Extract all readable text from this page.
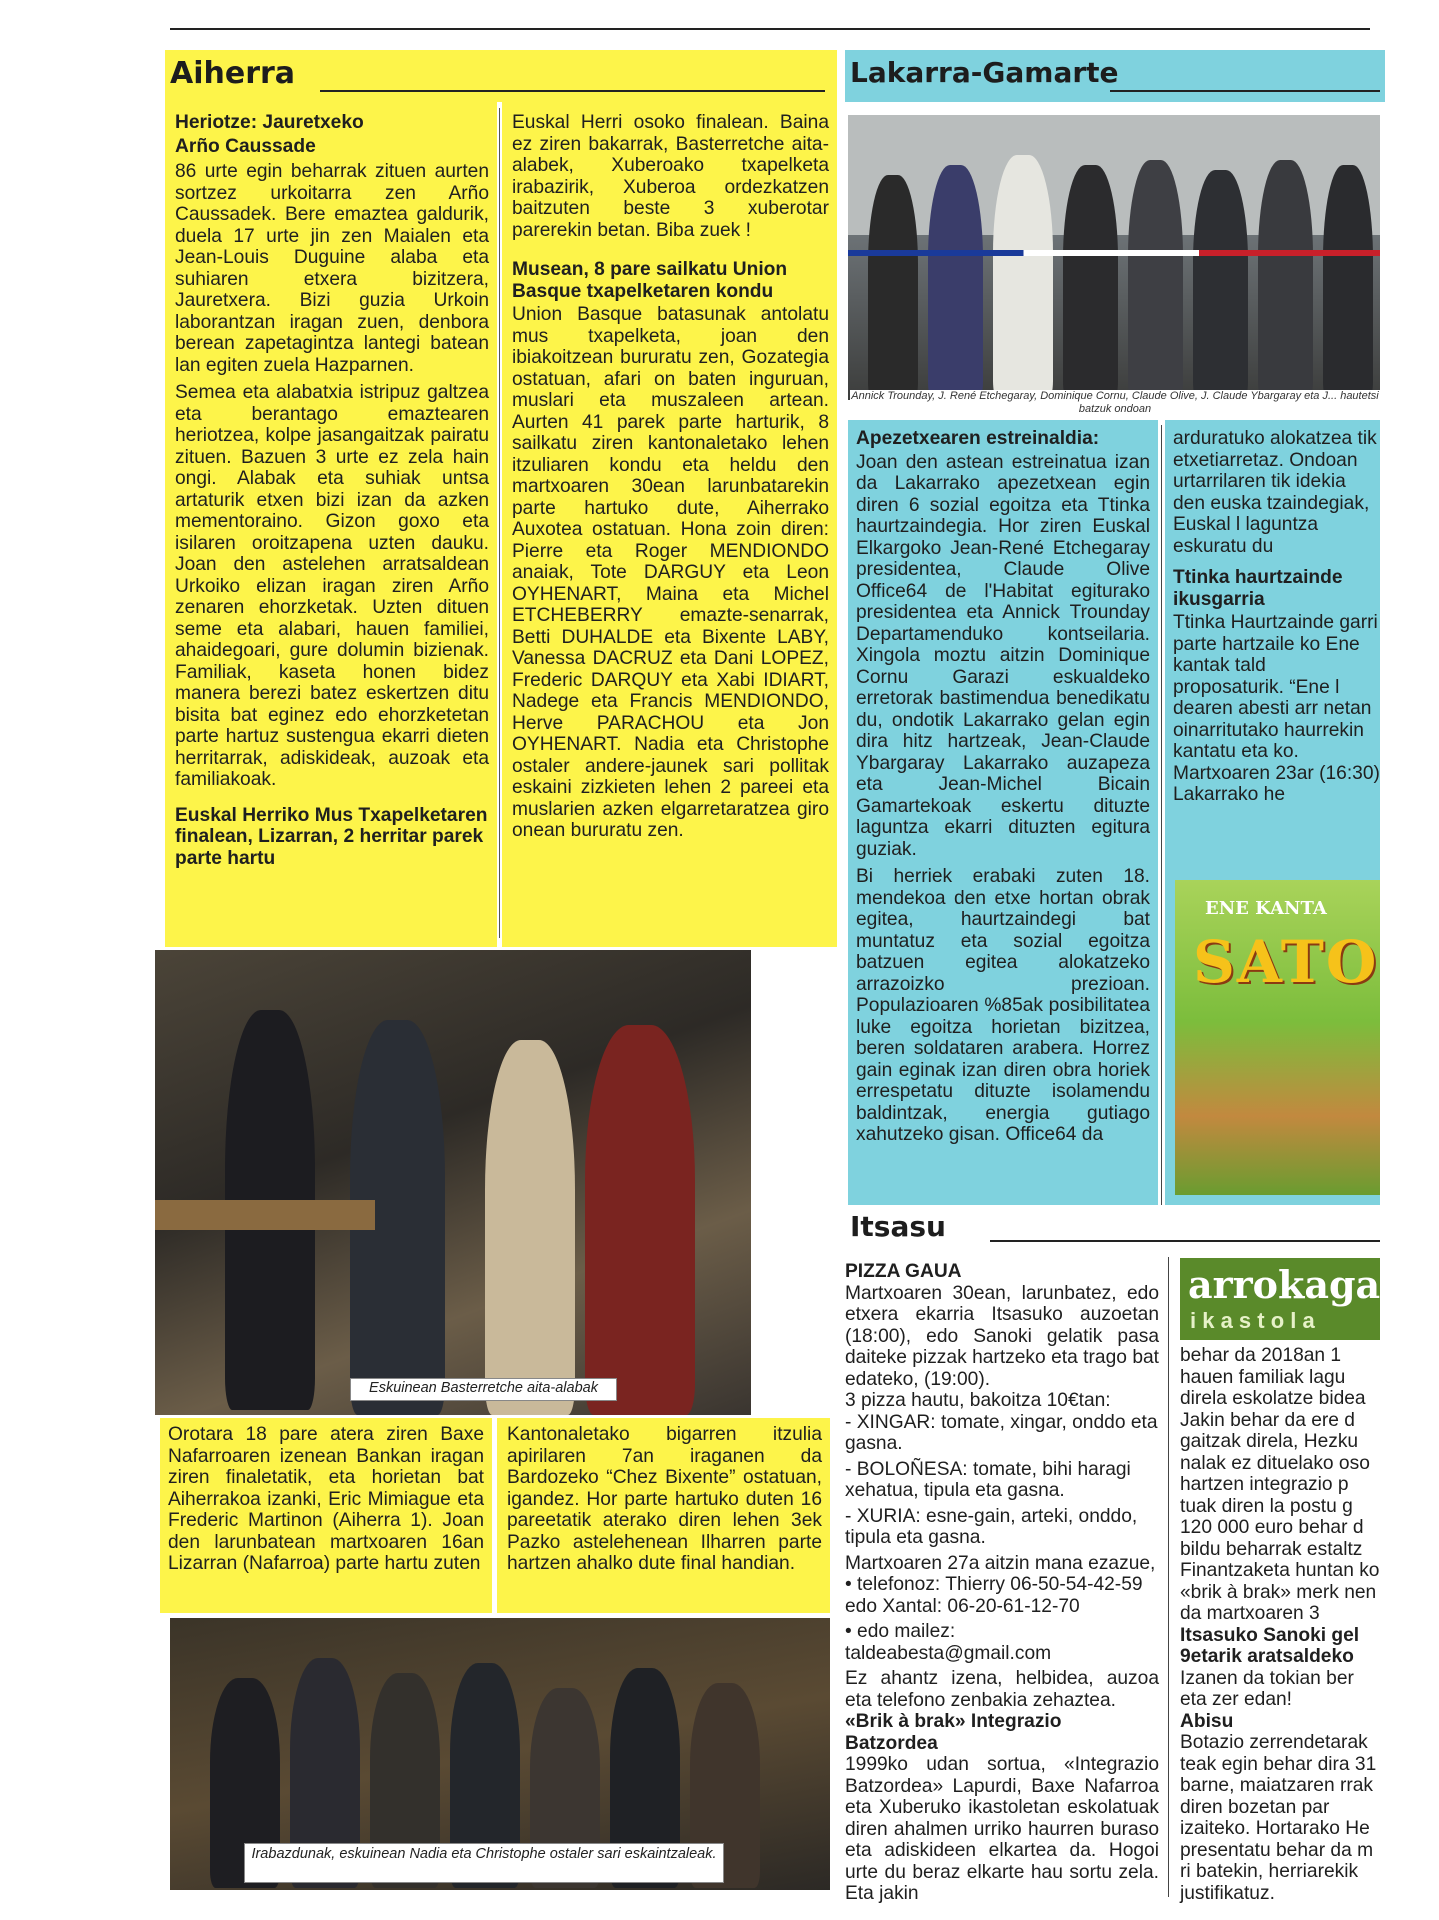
Aiherra
Heriotze: Jauretxeko
Arño Caussade

86 urte egin beharrak zituen aurten sortzez urkoitarra zen Arño Caussadek. Bere emaztea galdurik, duela 17 urte jin zen Maialen eta Jean-Louis Duguine alaba eta suhiaren etxera bizitzera, Jauretxera. Bizi guzia Urkoin laborantzan iragan zuen, denbora berean zapetagintza lantegi batean lan egiten zuela Hazparnen.

Semea eta alabatxia istripuz galtzea eta berantago emaztearen heriotzea, kolpe jasangaitzak pairatu zituen. Bazuen 3 urte ez zela hain ongi. Alabak eta suhiak untsa artaturik etxen bizi izan da azken mementoraino. Gizon goxo eta isilaren oroitzapena uzten dauku. Joan den astelehen arratsaldean Urkoiko elizan iragan ziren Arño zenaren ehorzketak. Uzten dituen seme eta alabari, hauen familiei, ahaidegoari, gure dolumin bizienak. Familiak, kaseta honen bidez manera berezi batez eskertzen ditu bisita bat eginez edo ehorzketetan parte hartuz sustengua ekarri dieten herritarrak, adiskideak, auzoak eta familiakoak.

Euskal Herriko Mus Txapelketaren finalean, Lizarran, 2 herritar parek parte hartu

Euskal Herri osoko finalean. Baina ez ziren bakarrak, Basterretche aita-alabek, Xuberoako txapelketa irabazirik, Xuberoa ordezkatzen baitzuten beste 3 xuberotar parerekin betan. Biba zuek !

Musean, 8 pare sailkatu Union Basque txapelketaren kondu

Union Basque batasunak antolatu mus txapelketa, joan den ibiakoitzean bururatu zen, Gozategia ostatuan, afari on baten inguruan, muslari eta muszaleen artean. Aurten 41 parek parte harturik, 8 sailkatu ziren kantonaletako lehen itzuliaren kondu eta heldu den martxoaren 30ean larunbatarekin parte hartuko dute, Aiherrako Auxotea ostatuan. Hona zoin diren: Pierre eta Roger MENDIONDO anaiak, Tote DARGUY eta Leon OYHENART, Maina eta Michel ETCHEBERRY emazte-senarrak, Betti DUHALDE eta Bixente LABY, Vanessa DACRUZ eta Dani LOPEZ, Frederic DARQUY eta Xabi IDIART, Nadege eta Francis MENDIONDO, Herve PARACHOU eta Jon OYHENART. Nadia eta Christophe ostaler andere-jaunek sari pollitak eskaini zizkieten lehen 2 pareei eta muslarien azken elgarretaratzea giro onean bururatu zen.

Eskuinean Basterretche aita-alabak

Orotara 18 pare atera ziren Baxe Nafarroaren izenean Bankan iragan ziren finaletatik, eta horietan bat Aiherrakoa izanki, Eric Mimiague eta Frederic Martinon (Aiherra 1). Joan den larunbatean martxoaren 16an Lizarran (Nafarroa) parte hartu zuten

Kantonaletako bigarren itzulia apirilaren 7an iraganen da Bardozeko “Chez Bixente” ostatuan, igandez. Hor parte hartuko duten 16 pareetatik aterako diren lehen 3ek Pazko astelehenean Ilharren parte hartzen ahalko dute final handian.

Irabazdunak, eskuinean Nadia eta Christophe ostaler sari eskaintzaleak.
Lakarra-Gamarte
Annick Trounday, J. René Etchegaray, Dominique Cornu, Claude Olive, J. Claude Ybargaray eta J... hautetsi batzuk ondoan
Apezetxearen estreinaldia:

Joan den astean estreinatua izan da Lakarrako apezetxean egin diren 6 sozial egoitza eta Ttinka haurtzaindegia. Hor ziren Euskal Elkargoko Jean-René Etchegaray presidentea, Claude Olive Office64 de l'Habitat egiturako presidentea eta Annick Trounday Departamenduko kontseilaria. Xingola moztu aitzin Dominique Cornu Garazi eskualdeko erretorak bastimendua benedikatu du, ondotik Lakarrako gelan egin dira hitz hartzeak, Jean-Claude Ybargaray Lakarrako auzapeza eta Jean-Michel Bicain Gamartekoak eskertu dituzte laguntza ekarri dituzten egitura guziak.

Bi herriek erabaki zuten 18. mendekoa den etxe hortan obrak egitea, haurtzaindegi bat muntatuz eta sozial egoitza batzuen egitea alokatzeko arrazoizko prezioan. Populazioaren %85ak posibilitatea luke egoitza horietan bizitzea, beren soldataren arabera. Horrez gain eginak izan diren obra horiek errespetatu dituzte isolamendu baldintzak, energia gutiago xahutzeko gisan. Office64 da

arduratuko alokatzea tik etxetiarretaz. Ondoan urtarrilaren tik idekia den euska tzaindegiak, Euskal l laguntza eskuratu du

Ttinka haurtzainde ikusgarria

Ttinka Haurtzainde garri parte hartzaile ko Ene kantak tald proposaturik. “Ene l dearen abesti arr netan oinarritutako haurrekin kantatu eta ko. Martxoaren 23ar (16:30) Lakarrako he

ENE KANTA
SATO
Itsasu
PIZZA GAUA

Martxoaren 30ean, larunbatez, edo etxera ekarria Itsasuko auzoetan (18:00), edo Sanoki gelatik pasa daiteke pizzak hartzeko eta trago bat edateko, (19:00).

3 pizza hautu, bakoitza 10€tan:

- XINGAR: tomate, xingar, onddo eta gasna.
- BOLOÑESA: tomate, bihi haragi xehatua, tipula eta gasna.
- XURIA: esne-gain, arteki, onddo, tipula eta gasna.

Martxoaren 27a aitzin mana ezazue,

• telefonoz: Thierry 06-50-54-42-59 edo Xantal: 06-20-61-12-70
• edo mailez: taldeabesta@gmail.com

Ez ahantz izena, helbidea, auzoa eta telefono zenbakia zehaztea.

«Brik à brak» Integrazio Batzordea

1999ko udan sortua, «Integrazio Batzordea» Lapurdi, Baxe Nafarroa eta Xuberuko ikastoletan eskolatuak diren ahalmen urriko haurren buraso eta adiskideen elkartea da. Hogoi urte du beraz elkarte hau sortu zela. Eta jakin

arrokagarai
i k a s t o l a

behar da 2018an 1 hauen familiak lagu direla eskolatze bidea Jakin behar da ere d gaitzak direla, Hezku nalak ez dituelako oso hartzen integrazio p tuak diren la postu g 120 000 euro behar d bildu beharrak estaltz Finantzaketa huntan ko «brik à brak» merk nen da martxoaren 3

Itsasuko Sanoki gel 9etarik aratsaldeko

Izanen da tokian ber eta zer edan!

Abisu

Botazio zerrendetarak teak egin behar dira 31 barne, maiatzaren rrak diren bozetan par izaiteko. Hortarako He presentatu behar da m ri batekin, herriarekik justifikatuz.
